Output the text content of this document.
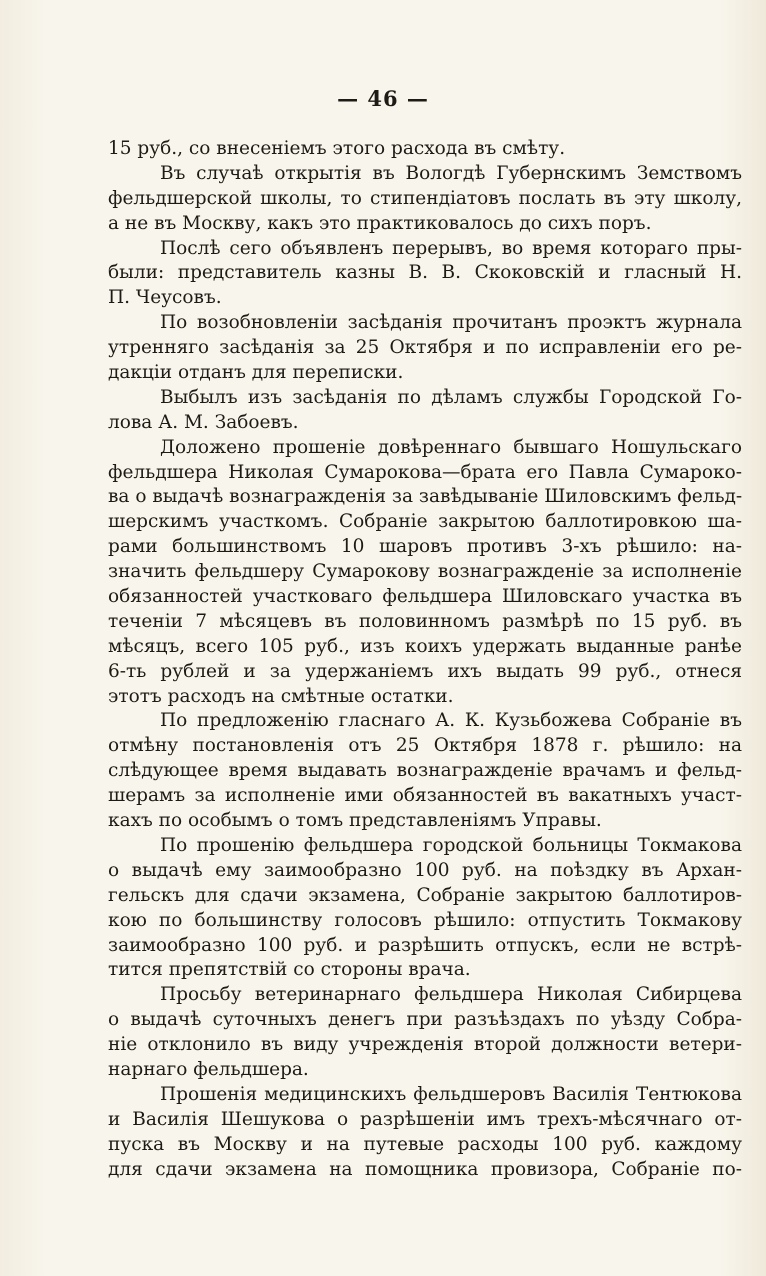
— 46 —
15 руб., со внесенiемъ этого расхода въ смѣту.
Въ случаѣ открытiя въ Вологдѣ Губернскимъ Земствомъ
фельдшерской школы, то стипендiатовъ послать въ эту школу,
а не въ Москву, какъ это практиковалось до сихъ поръ.
Послѣ сего объявленъ перерывъ, во время котораго пры-
были: представитель казны В. В. Скоковскiй и гласный Н.
П. Чеусовъ.
По возобновленiи засѣданiя прочитанъ проэктъ журнала
утренняго засѣданiя за 25 Октября и по исправленiи его ре-
дакцiи отданъ для переписки.
Выбылъ изъ засѣданiя по дѣламъ службы Городской Го-
лова А. М. Забоевъ.
Доложено прошенiе довѣреннаго бывшаго Ношульскаго
фельдшера Николая Сумарокова—брата его Павла Сумароко-
ва о выдачѣ вознагражденiя за завѣдыванiе Шиловскимъ фельд-
шерскимъ участкомъ. Собранiе закрытою баллотировкою ша-
рами большинствомъ 10 шаровъ противъ 3-хъ рѣшило: на-
значить фельдшеру Сумарокову вознагражденiе за исполненiе
обязанностей участковаго фельдшера Шиловскаго участка въ
теченiи 7 мѣсяцевъ въ половинномъ размѣрѣ по 15 руб. въ
мѣсяцъ, всего 105 руб., изъ коихъ удержать выданные ранѣе
6-ть рублей и за удержанiемъ ихъ выдать 99 руб., отнеся
этотъ расходъ на смѣтные остатки.
По предложенiю гласнаго А. К. Кузьбожева Собранiе въ
отмѣну постановленiя отъ 25 Октября 1878 г. рѣшило: на
слѣдующее время выдавать вознагражденiе врачамъ и фельд-
шерамъ за исполненiе ими обязанностей въ вакатныхъ участ-
кахъ по особымъ о томъ представленiямъ Управы.
По прошенiю фельдшера городской больницы Токмакова
о выдачѣ ему заимообразно 100 руб. на поѣздку въ Архан-
гельскъ для сдачи экзамена, Собранiе закрытою баллотиров-
кою по большинству голосовъ рѣшило: отпустить Токмакову
заимообразно 100 руб. и разрѣшить отпускъ, если не встрѣ-
тится препятствiй со стороны врача.
Просьбу ветеринарнаго фельдшера Николая Сибирцева
о выдачѣ суточныхъ денегъ при разъѣздахъ по уѣзду Собра-
нiе отклонило въ виду учрежденiя второй должности ветери-
нарнаго фельдшера.
Прошенiя медицинскихъ фельдшеровъ Василiя Тентюкова
и Василiя Шешукова о разрѣшенiи имъ трехъ-мѣсячнаго от-
пуска въ Москву и на путевые расходы 100 руб. каждому
для сдачи экзамена на помощника провизора, Собранiе по-
